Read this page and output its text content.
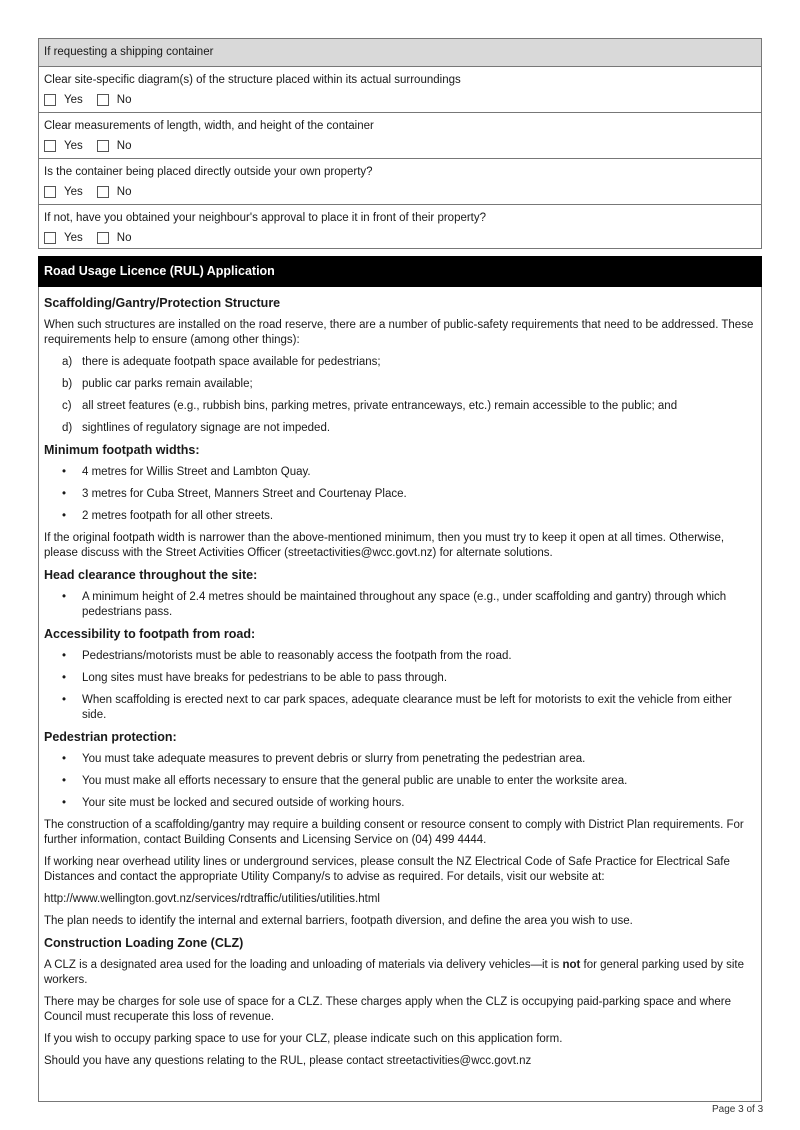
If requesting a shipping container
Clear site-specific diagram(s) of the structure placed within its actual surroundings
Yes	No
Clear measurements of length, width, and height of the container
Yes	No
Is the container being placed directly outside your own property?
Yes	No
If not, have you obtained your neighbour's approval to place it in front of their property?
Yes	No
Road Usage Licence (RUL) Application
Scaffolding/Gantry/Protection Structure
When such structures are installed on the road reserve, there are a number of public-safety requirements that need to be addressed. These requirements help to ensure (among other things):
a) there is adequate footpath space available for pedestrians;
b) public car parks remain available;
c) all street features (e.g., rubbish bins, parking metres, private entranceways, etc.) remain accessible to the public; and
d) sightlines of regulatory signage are not impeded.
Minimum footpath widths:
• 4 metres for Willis Street and Lambton Quay.
• 3 metres for Cuba Street, Manners Street and Courtenay Place.
• 2 metres footpath for all other streets.
If the original footpath width is narrower than the above-mentioned minimum, then you must try to keep it open at all times. Otherwise, please discuss with the Street Activities Officer (streetactivities@wcc.govt.nz) for alternate solutions.
Head clearance throughout the site:
• A minimum height of 2.4 metres should be maintained throughout any space (e.g., under scaffolding and gantry) through which pedestrians pass.
Accessibility to footpath from road:
• Pedestrians/motorists must be able to reasonably access the footpath from the road.
• Long sites must have breaks for pedestrians to be able to pass through.
• When scaffolding is erected next to car park spaces, adequate clearance must be left for motorists to exit the vehicle from either side.
Pedestrian protection:
• You must take adequate measures to prevent debris or slurry from penetrating the pedestrian area.
• You must make all efforts necessary to ensure that the general public are unable to enter the worksite area.
• Your site must be locked and secured outside of working hours.
The construction of a scaffolding/gantry may require a building consent or resource consent to comply with District Plan requirements. For further information, contact Building Consents and Licensing Service on (04) 499 4444.
If working near overhead utility lines or underground services, please consult the NZ Electrical Code of Safe Practice for Electrical Safe Distances and contact the appropriate Utility Company/s to advise as required. For details, visit our website at:
http://www.wellington.govt.nz/services/rdtraffic/utilities/utilities.html
The plan needs to identify the internal and external barriers, footpath diversion, and define the area you wish to use.
Construction Loading Zone (CLZ)
A CLZ is a designated area used for the loading and unloading of materials via delivery vehicles—it is not for general parking used by site workers.
There may be charges for sole use of space for a CLZ. These charges apply when the CLZ is occupying paid-parking space and where Council must recuperate this loss of revenue.
If you wish to occupy parking space to use for your CLZ, please indicate such on this application form.
Should you have any questions relating to the RUL, please contact streetactivities@wcc.govt.nz
Page 3 of 3
